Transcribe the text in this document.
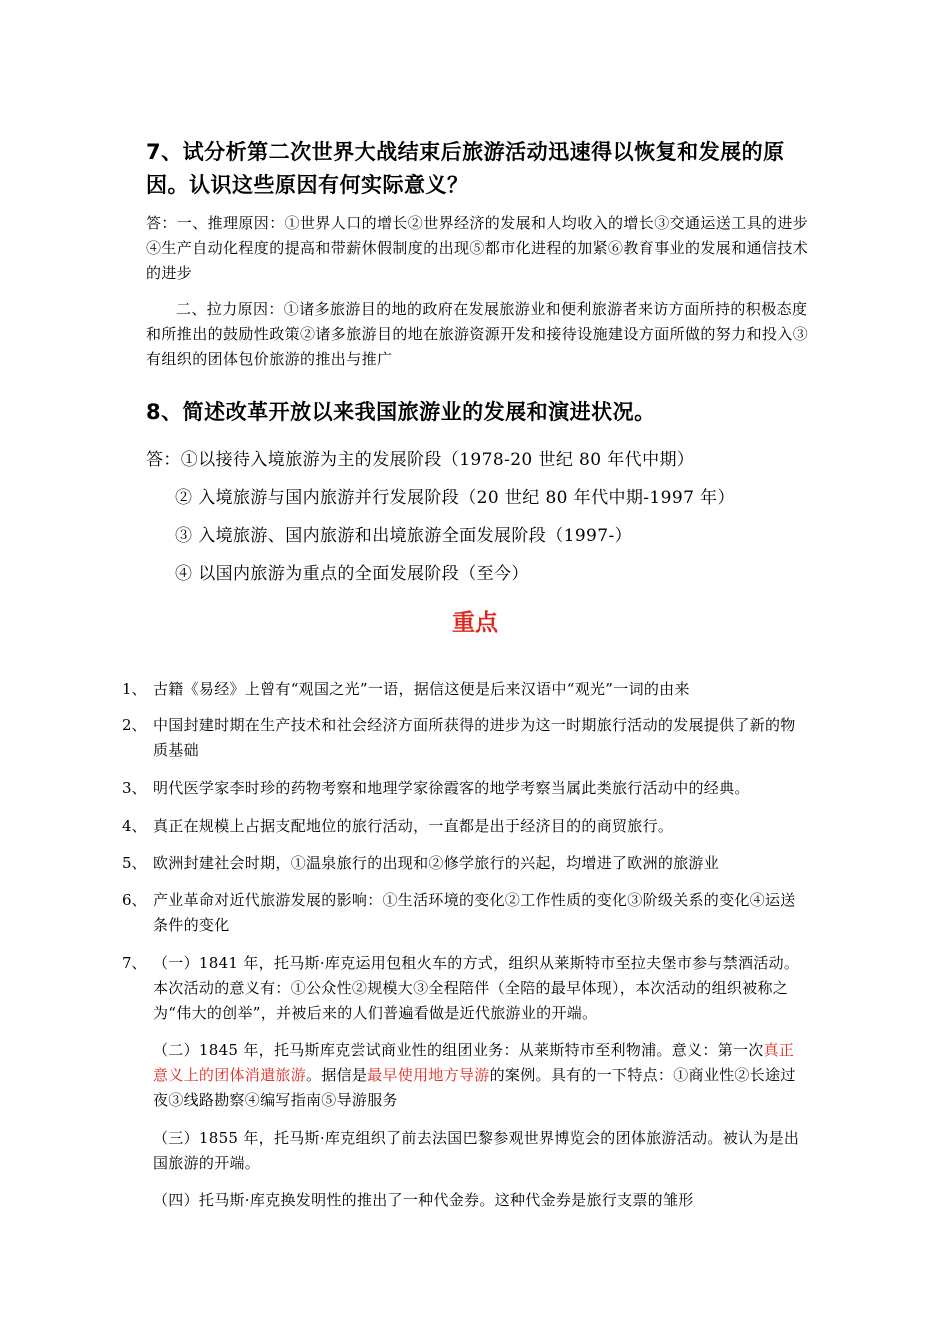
7、试分析第二次世界大战结束后旅游活动迅速得以恢复和发展的原因。认识这些原因有何实际意义？
答：一、推理原因：①世界人口的增长②世界经济的发展和人均收入的增长③交通运送工具的进步④生产自动化程度的提高和带薪休假制度的出现⑤都市化进程的加紧⑥教育事业的发展和通信技术的进步
二、拉力原因：①诸多旅游目的地的政府在发展旅游业和便利旅游者来访方面所持的积极态度和所推出的鼓励性政策②诸多旅游目的地在旅游资源开发和接待设施建设方面所做的努力和投入③有组织的团体包价旅游的推出与推广
8、简述改革开放以来我国旅游业的发展和演进状况。
答：①以接待入境旅游为主的发展阶段（1978-20 世纪 80 年代中期）
② 入境旅游与国内旅游并行发展阶段（20 世纪 80 年代中期-1997 年）
③ 入境旅游、国内旅游和出境旅游全面发展阶段（1997-）
④ 以国内旅游为重点的全面发展阶段（至今）
重点
1、 古籍《易经》上曾有“观国之光”一语，据信这便是后来汉语中“观光”一词的由来
2、 中国封建时期在生产技术和社会经济方面所获得的进步为这一时期旅行活动的发展提供了新的物质基础
3、 明代医学家李时珍的药物考察和地理学家徐霞客的地学考察当属此类旅行活动中的经典。
4、 真正在规模上占据支配地位的旅行活动，一直都是出于经济目的的商贸旅行。
5、 欧洲封建社会时期，①温泉旅行的出现和②修学旅行的兴起，均增进了欧洲的旅游业
6、 产业革命对近代旅游发展的影响：①生活环境的变化②工作性质的变化③阶级关系的变化④运送条件的变化
7、 （一）1841 年，托马斯·库克运用包租火车的方式，组织从莱斯特市至拉夫堡市参与禁酒活动。本次活动的意义有：①公众性②规模大③全程陪伴（全陪的最早体现），本次活动的组织被称之为“伟大的创举”，并被后来的人们普遍看做是近代旅游业的开端。
（二）1845 年，托马斯库克尝试商业性的组团业务：从莱斯特市至利物浦。意义：第一次真正意义上的团体消遣旅游。据信是最早使用地方导游的案例。具有的一下特点：①商业性②长途过夜③线路勘察④编写指南⑤导游服务
（三）1855 年，托马斯·库克组织了前去法国巴黎参观世界博览会的团体旅游活动。被认为是出国旅游的开端。
（四）托马斯·库克换发明性的推出了一种代金券。这种代金券是旅行支票的雏形
